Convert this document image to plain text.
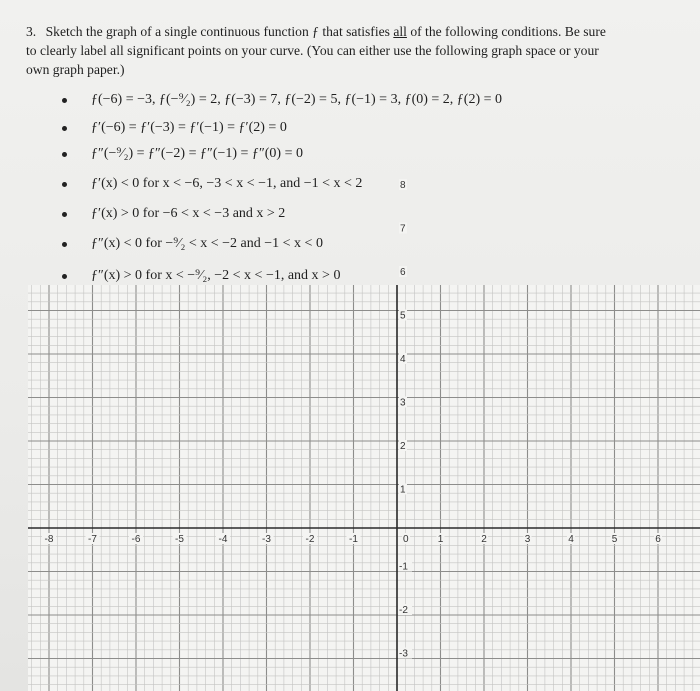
3. Sketch the graph of a single continuous function ƒ that satisfies all of the following conditions. Be sure
to clearly label all significant points on your curve. (You can either use the following graph space or your
own graph paper.)
ƒ(−6) = −3, ƒ(−⁹⁄₂) = 2, ƒ(−3) = 7, ƒ(−2) = 5, ƒ(−1) = 3, ƒ(0) = 2, ƒ(2) = 0
ƒ′(−6) = ƒ′(−3) = ƒ′(−1) = ƒ′(2) = 0
ƒ″(−⁹⁄₂) = ƒ″(−2) = ƒ″(−1) = ƒ″(0) = 0
ƒ′(x) < 0 for x < −6, −3 < x < −1, and −1 < x < 2
ƒ′(x) > 0 for −6 < x < −3 and x > 2
ƒ″(x) < 0 for −⁹⁄₂ < x < −2 and −1 < x < 0
ƒ″(x) > 0 for x < −⁹⁄₂, −2 < x < −1, and x > 0
-8	-7	-6	-5	-4	-3	-2	-1	0	1	2	3	4	5	6
8
7
6
5
4
3
2
1
-1
-2
-3
